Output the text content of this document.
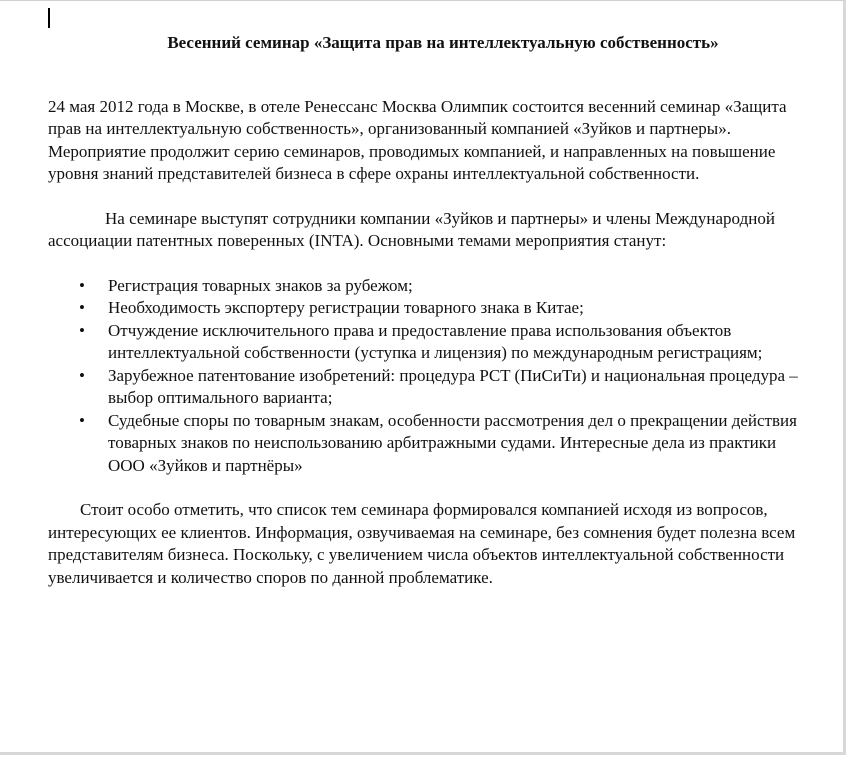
Весенний семинар «Защита прав на интеллектуальную собственность»

24 мая 2012 года в Москве, в отеле Ренессанс Москва Олимпик состоится весенний семинар «Защита прав на интеллектуальную собственность», организованный компанией «Зуйков и партнеры». Мероприятие продолжит серию семинаров, проводимых компанией, и направленных на повышение уровня знаний представителей бизнеса в сфере охраны интеллектуальной собственности.

На семинаре выступят сотрудники компании «Зуйков и партнеры» и члены Международной ассоциации патентных поверенных (INTA). Основными темами мероприятия станут:

• Регистрация товарных знаков за рубежом;
• Необходимость экспортеру регистрации товарного знака в Китае;
• Отчуждение исключительного права и предоставление права использования объектов интеллектуальной собственности (уступка и лицензия) по международным регистрациям;
• Зарубежное патентование изобретений: процедура PCT (ПиСиТи) и национальная процедура – выбор оптимального варианта;
• Судебные споры по товарным знакам, особенности рассмотрения дел о прекращении действия товарных знаков по неиспользованию арбитражными судами. Интересные дела из практики ООО «Зуйков и партнёры»

Стоит особо отметить, что список тем семинара формировался компанией исходя из вопросов, интересующих ее клиентов. Информация, озвучиваемая на семинаре, без сомнения будет полезна всем представителям бизнеса. Поскольку, с увеличением числа объектов интеллектуальной собственности увеличивается и количество споров по данной проблематике.
